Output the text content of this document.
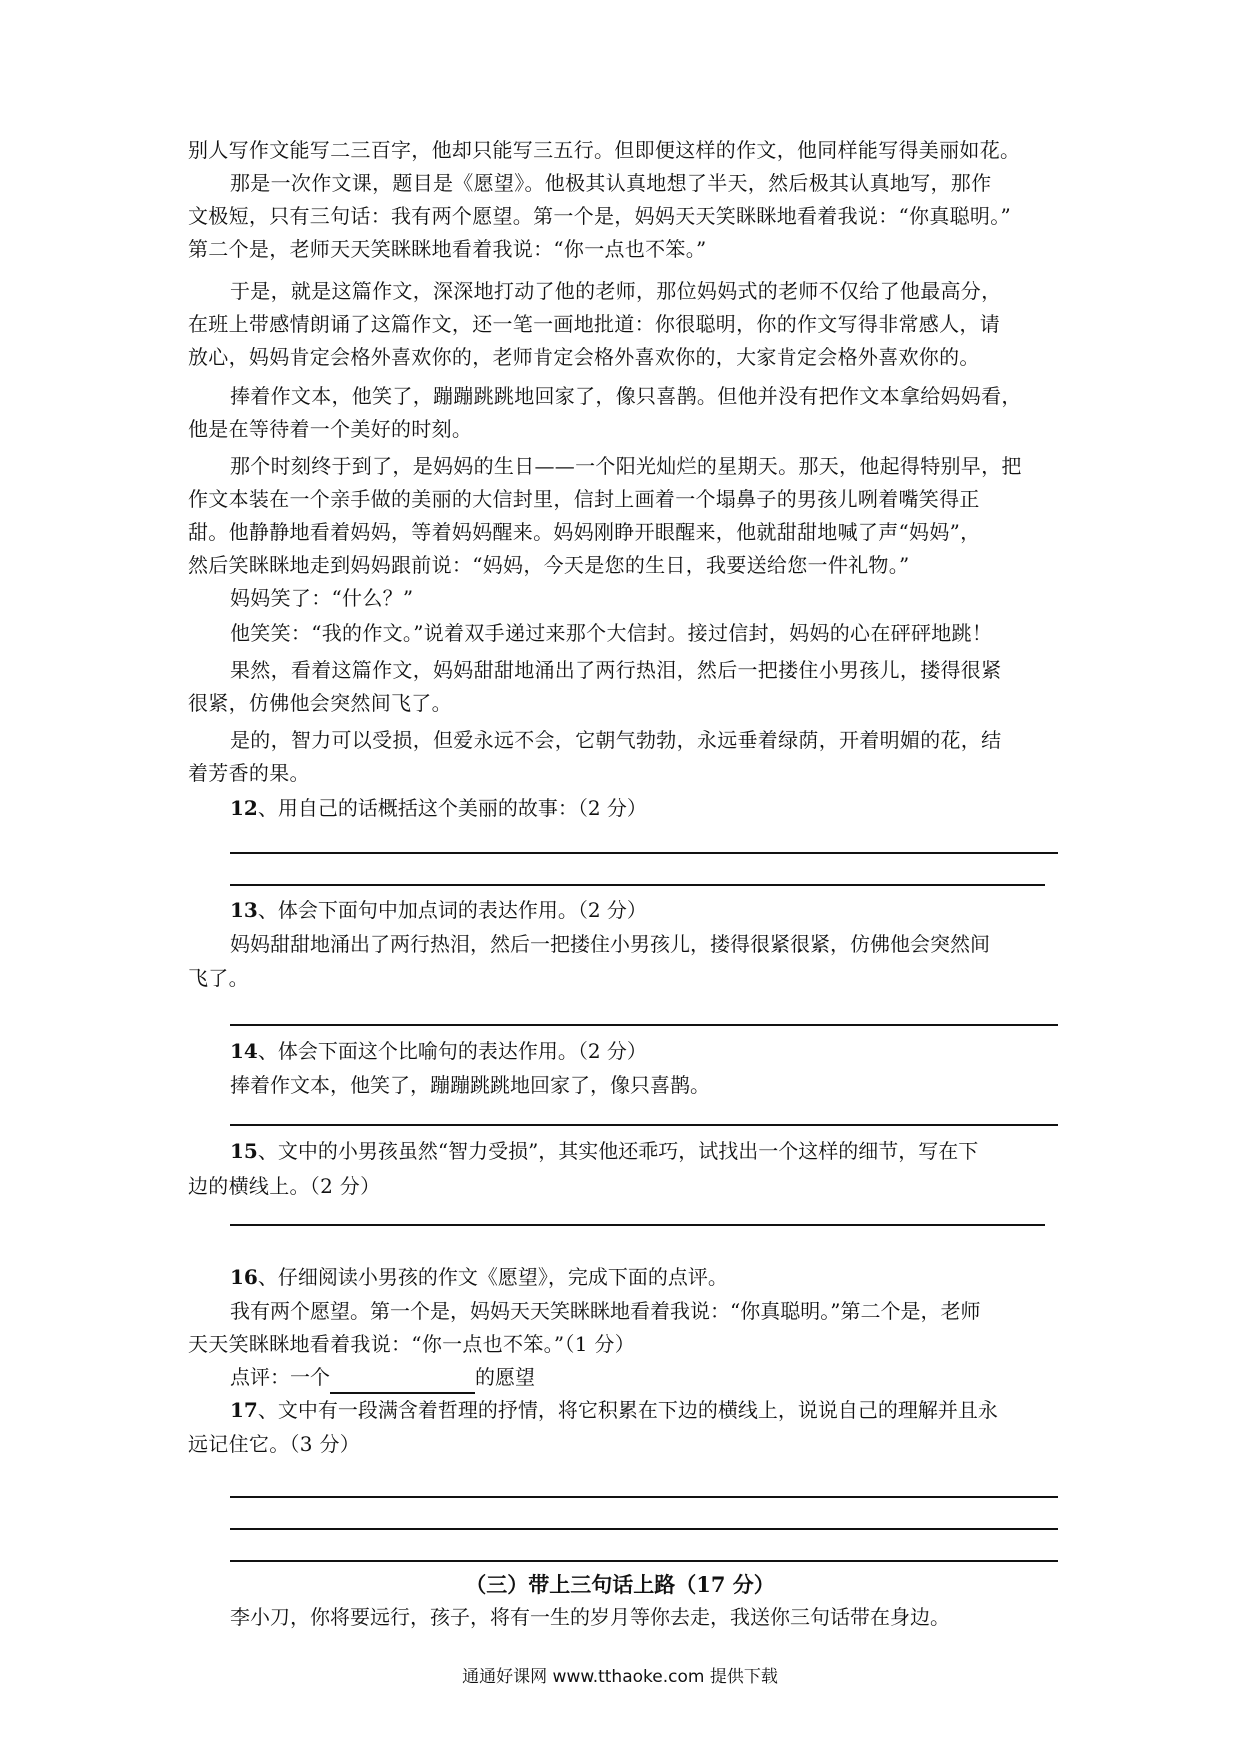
别人写作文能写二三百字，他却只能写三五行。但即便这样的作文，他同样能写得美丽如花。
那是一次作文课，题目是《愿望》。他极其认真地想了半天，然后极其认真地写，那作
文极短，只有三句话：我有两个愿望。第一个是，妈妈天天笑眯眯地看着我说：“你真聪明。”
第二个是，老师天天笑眯眯地看着我说：“你一点也不笨。”
于是，就是这篇作文，深深地打动了他的老师，那位妈妈式的老师不仅给了他最高分，
在班上带感情朗诵了这篇作文，还一笔一画地批道：你很聪明，你的作文写得非常感人，请
放心，妈妈肯定会格外喜欢你的，老师肯定会格外喜欢你的，大家肯定会格外喜欢你的。
捧着作文本，他笑了，蹦蹦跳跳地回家了，像只喜鹊。但他并没有把作文本拿给妈妈看，
他是在等待着一个美好的时刻。
那个时刻终于到了，是妈妈的生日——一个阳光灿烂的星期天。那天，他起得特别早，把
作文本装在一个亲手做的美丽的大信封里，信封上画着一个塌鼻子的男孩儿咧着嘴笑得正
甜。他静静地看着妈妈，等着妈妈醒来。妈妈刚睁开眼醒来，他就甜甜地喊了声“妈妈”，
然后笑眯眯地走到妈妈跟前说：“妈妈，今天是您的生日，我要送给您一件礼物。”
妈妈笑了：“什么？”
他笑笑：“我的作文。”说着双手递过来那个大信封。接过信封，妈妈的心在砰砰地跳！
果然，看着这篇作文，妈妈甜甜地涌出了两行热泪，然后一把搂住小男孩儿，搂得很紧
很紧，仿佛他会突然间飞了。
是的，智力可以受损，但爱永远不会，它朝气勃勃，永远垂着绿荫，开着明媚的花，结
着芳香的果。
12、用自己的话概括这个美丽的故事：（2 分）
13、体会下面句中加点词的表达作用。（2 分）
妈妈甜甜地涌出了两行热泪，然后一把搂住小男孩儿，搂得很紧很紧，仿佛他会突然间
飞了。
14、体会下面这个比喻句的表达作用。（2 分）
捧着作文本，他笑了，蹦蹦跳跳地回家了，像只喜鹊。
15、文中的小男孩虽然“智力受损”，其实他还乖巧，试找出一个这样的细节，写在下
边的横线上。（2 分）
16、仔细阅读小男孩的作文《愿望》，完成下面的点评。
我有两个愿望。第一个是，妈妈天天笑眯眯地看着我说：“你真聪明。”第二个是，老师
天天笑眯眯地看着我说：“你一点也不笨。”（1 分）
点评：一个	的愿望
17、文中有一段满含着哲理的抒情，将它积累在下边的横线上，说说自己的理解并且永
远记住它。（3 分）
（三）带上三句话上路（17 分）
李小刀，你将要远行，孩子，将有一生的岁月等你去走，我送你三句话带在身边。
通通好课网 www.tthaoke.com 提供下载
